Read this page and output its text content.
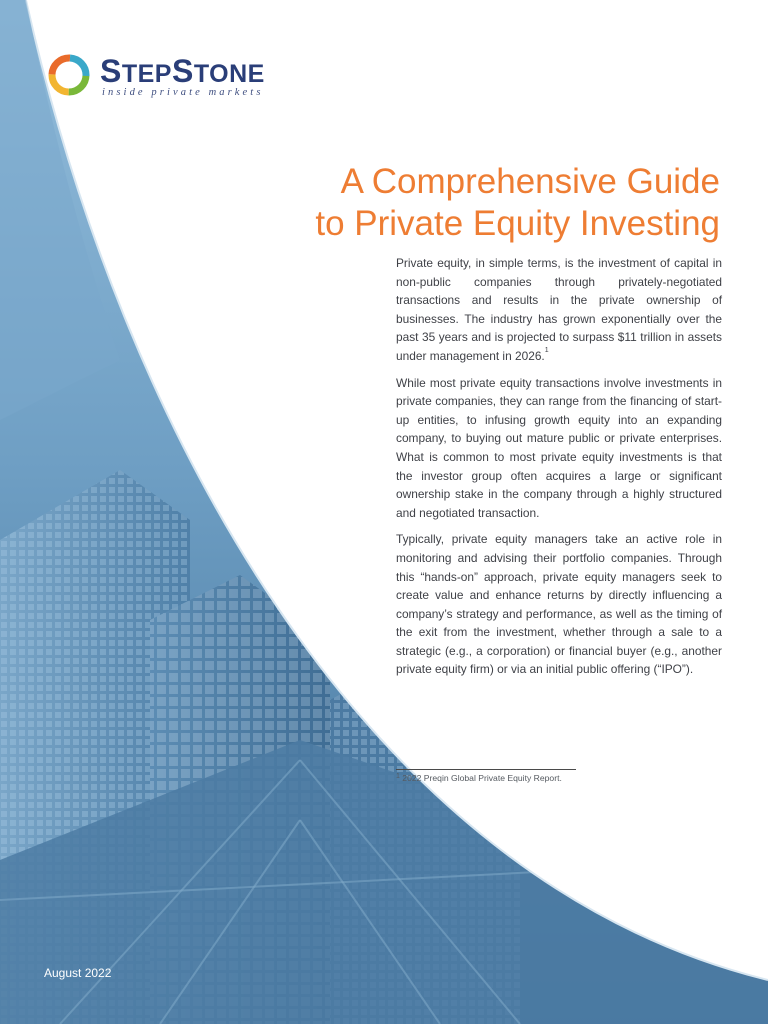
STEPSTONE
inside private markets
A Comprehensive Guide
to Private Equity Investing

Private equity, in simple terms, is the investment of capital in non-public companies through privately-negotiated transactions and results in the private ownership of businesses. The industry has grown exponentially over the past 35 years and is projected to surpass $11 trillion in assets under management in 2026.$^1$

While most private equity transactions involve investments in private companies, they can range from the financing of start-up entities, to infusing growth equity into an expanding company, to buying out mature public or private enterprises. What is common to most private equity investments is that the investor group often acquires a large or significant ownership stake in the company through a highly structured and negotiated transaction.

Typically, private equity managers take an active role in monitoring and advising their portfolio companies. Through this “hands-on” approach, private equity managers seek to create value and enhance returns by directly influencing a company’s strategy and performance, as well as the timing of the exit from the investment, whether through a sale to a strategic (e.g., a corporation) or financial buyer (e.g., another private equity firm) or via an initial public offering (“IPO”).

$^1$ 2022 Preqin Global Private Equity Report.
August 2022
